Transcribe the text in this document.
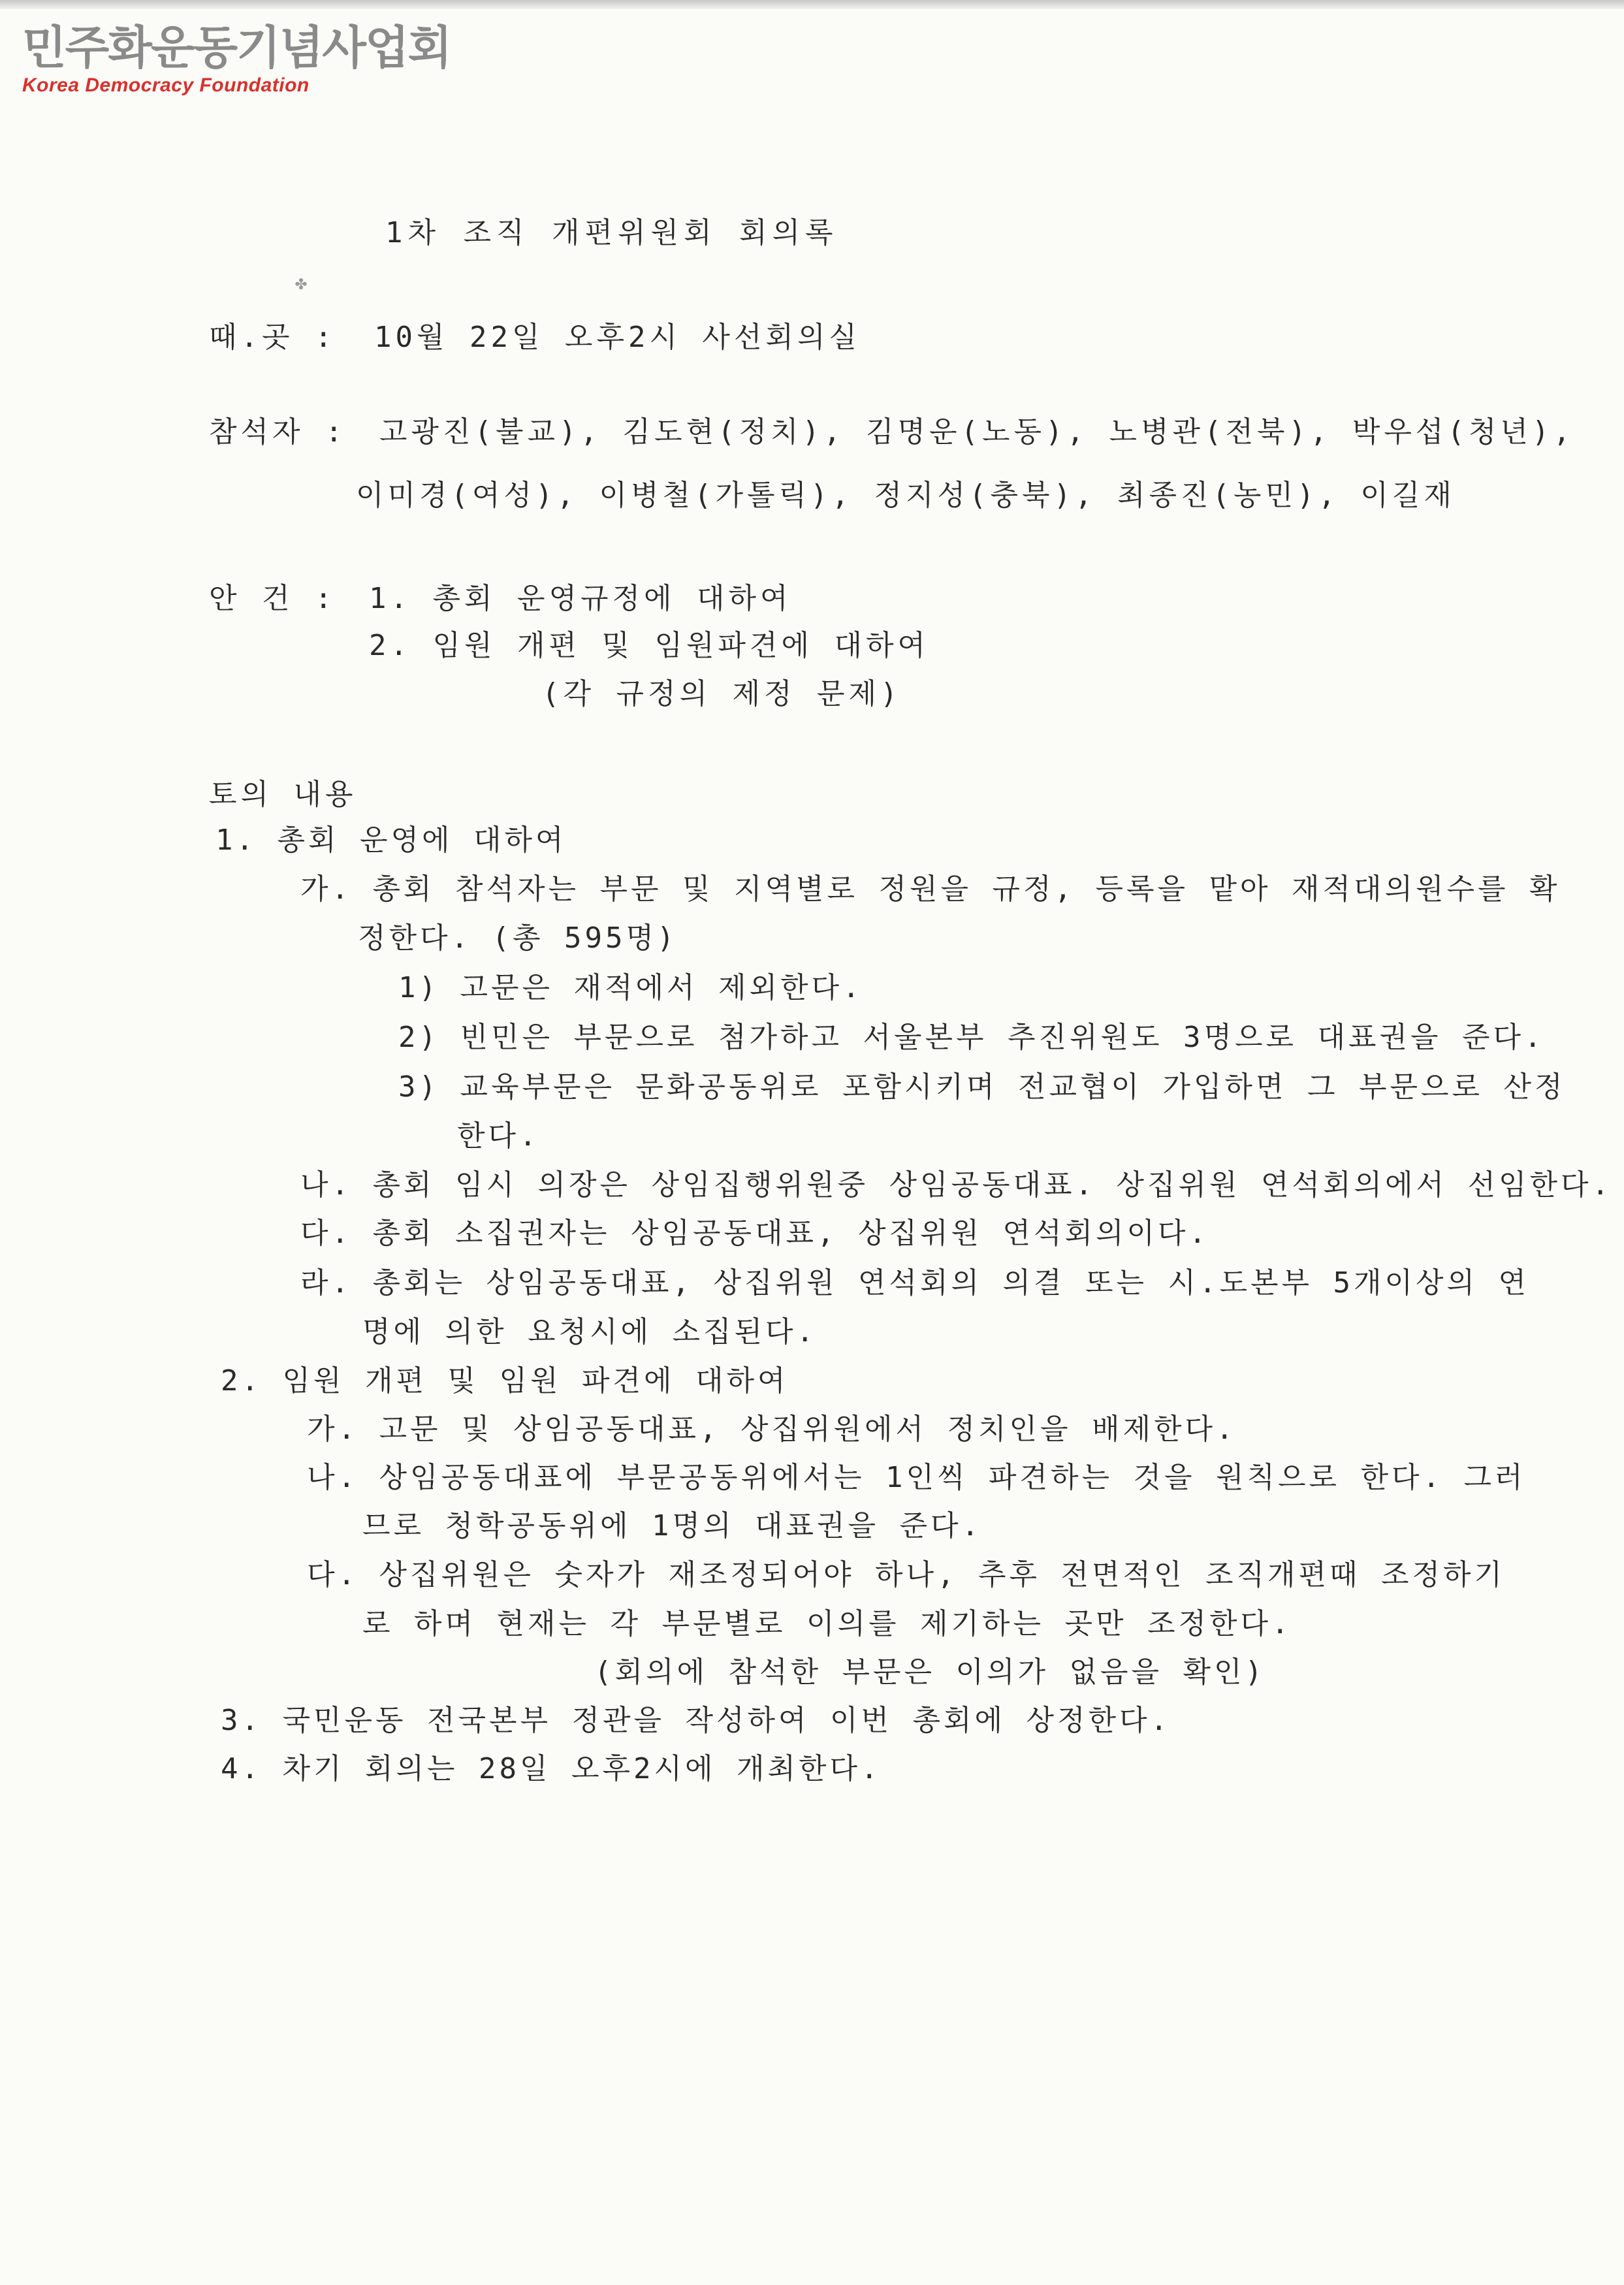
민주화운동기념사업회
Korea Democracy Foundation
✤
1차 조직 개편위원회 회의록
때.곳 : 10월 22일 오후2시 사선회의실
참석자 : 고광진(불교), 김도현(정치), 김명운(노동), 노병관(전북), 박우섭(청년),
이미경(여성), 이병철(가톨릭), 정지성(충북), 최종진(농민), 이길재
안 건 : 1. 총회 운영규정에 대하여
2. 임원 개편 및 임원파견에 대하여
(각 규정의 제정 문제)
토의 내용
1. 총회 운영에 대하여
가. 총회 참석자는 부문 및 지역별로 정원을 규정, 등록을 맡아 재적대의원수를 확
정한다. (총 595명)
1) 고문은 재적에서 제외한다.
2) 빈민은 부문으로 첨가하고 서울본부 추진위원도 3명으로 대표권을 준다.
3) 교육부문은 문화공동위로 포함시키며 전교협이 가입하면 그 부문으로 산정
한다.
나. 총회 임시 의장은 상임집행위원중 상임공동대표. 상집위원 연석회의에서 선임한다.
다. 총회 소집권자는 상임공동대표, 상집위원 연석회의이다.
라. 총회는 상임공동대표, 상집위원 연석회의 의결 또는 시.도본부 5개이상의 연
명에 의한 요청시에 소집된다.
2. 임원 개편 및 임원 파견에 대하여
가. 고문 및 상임공동대표, 상집위원에서 정치인을 배제한다.
나. 상임공동대표에 부문공동위에서는 1인씩 파견하는 것을 원칙으로 한다. 그러
므로 청학공동위에 1명의 대표권을 준다.
다. 상집위원은 숫자가 재조정되어야 하나, 추후 전면적인 조직개편때 조정하기
로 하며 현재는 각 부문별로 이의를 제기하는 곳만 조정한다.
(회의에 참석한 부문은 이의가 없음을 확인)
3. 국민운동 전국본부 정관을 작성하여 이번 총회에 상정한다.
4. 차기 회의는 28일 오후2시에 개최한다.
